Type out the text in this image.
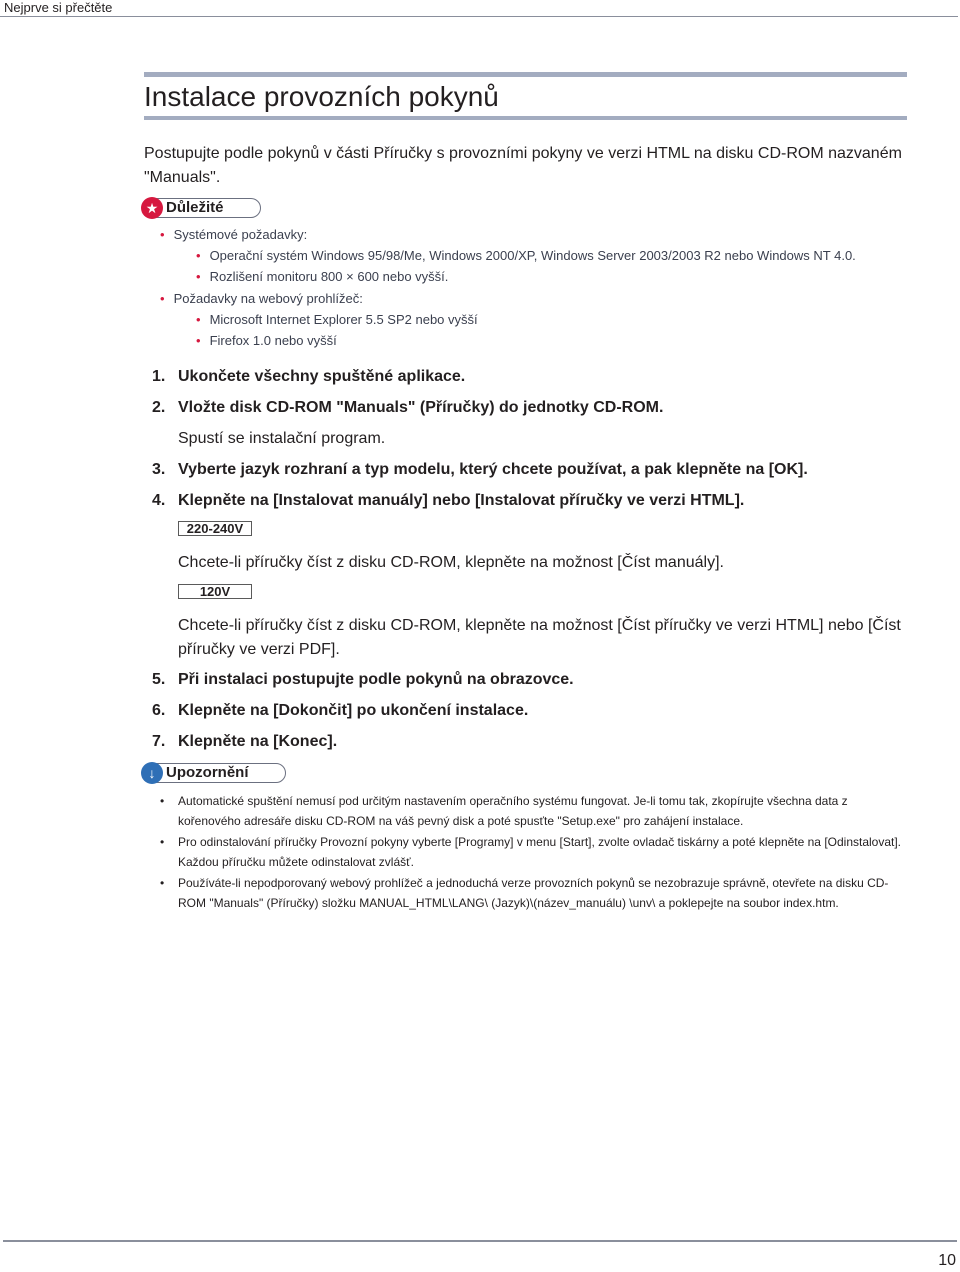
Nejprve si přečtěte
Instalace provozních pokynů
Postupujte podle pokynů v části Příručky s provozními pokyny ve verzi HTML na disku CD-ROM nazvaném "Manuals".
★ Důležité
• Systémové požadavky:
• Operační systém Windows 95/98/Me, Windows 2000/XP, Windows Server 2003/2003 R2 nebo Windows NT 4.0.
• Rozlišení monitoru 800 × 600 nebo vyšší.
• Požadavky na webový prohlížeč:
• Microsoft Internet Explorer 5.5 SP2 nebo vyšší
• Firefox 1.0 nebo vyšší
1. Ukončete všechny spuštěné aplikace.
2. Vložte disk CD-ROM "Manuals" (Příručky) do jednotky CD-ROM.
Spustí se instalační program.
3. Vyberte jazyk rozhraní a typ modelu, který chcete používat, a pak klepněte na [OK].
4. Klepněte na [Instalovat manuály] nebo [Instalovat příručky ve verzi HTML].
220-240V
Chcete-li příručky číst z disku CD-ROM, klepněte na možnost [Číst manuály].
120V
Chcete-li příručky číst z disku CD-ROM, klepněte na možnost [Číst příručky ve verzi HTML] nebo [Číst příručky ve verzi PDF].
5. Při instalaci postupujte podle pokynů na obrazovce.
6. Klepněte na [Dokončit] po ukončení instalace.
7. Klepněte na [Konec].
↓ Upozornění
• Automatické spuštění nemusí pod určitým nastavením operačního systému fungovat. Je-li tomu tak, zkopírujte všechna data z kořenového adresáře disku CD-ROM na váš pevný disk a poté spusťte "Setup.exe" pro zahájení instalace.
• Pro odinstalování příručky Provozní pokyny vyberte [Programy] v menu [Start], zvolte ovladač tiskárny a poté klepněte na [Odinstalovat]. Každou příručku můžete odinstalovat zvlášť.
• Používáte-li nepodporovaný webový prohlížeč a jednoduchá verze provozních pokynů se nezobrazuje správně, otevřete na disku CD-ROM "Manuals" (Příručky) složku MANUAL_HTML\LANG\ (Jazyk)\(název_manuálu) \unv\ a poklepejte na soubor index.htm.
10
